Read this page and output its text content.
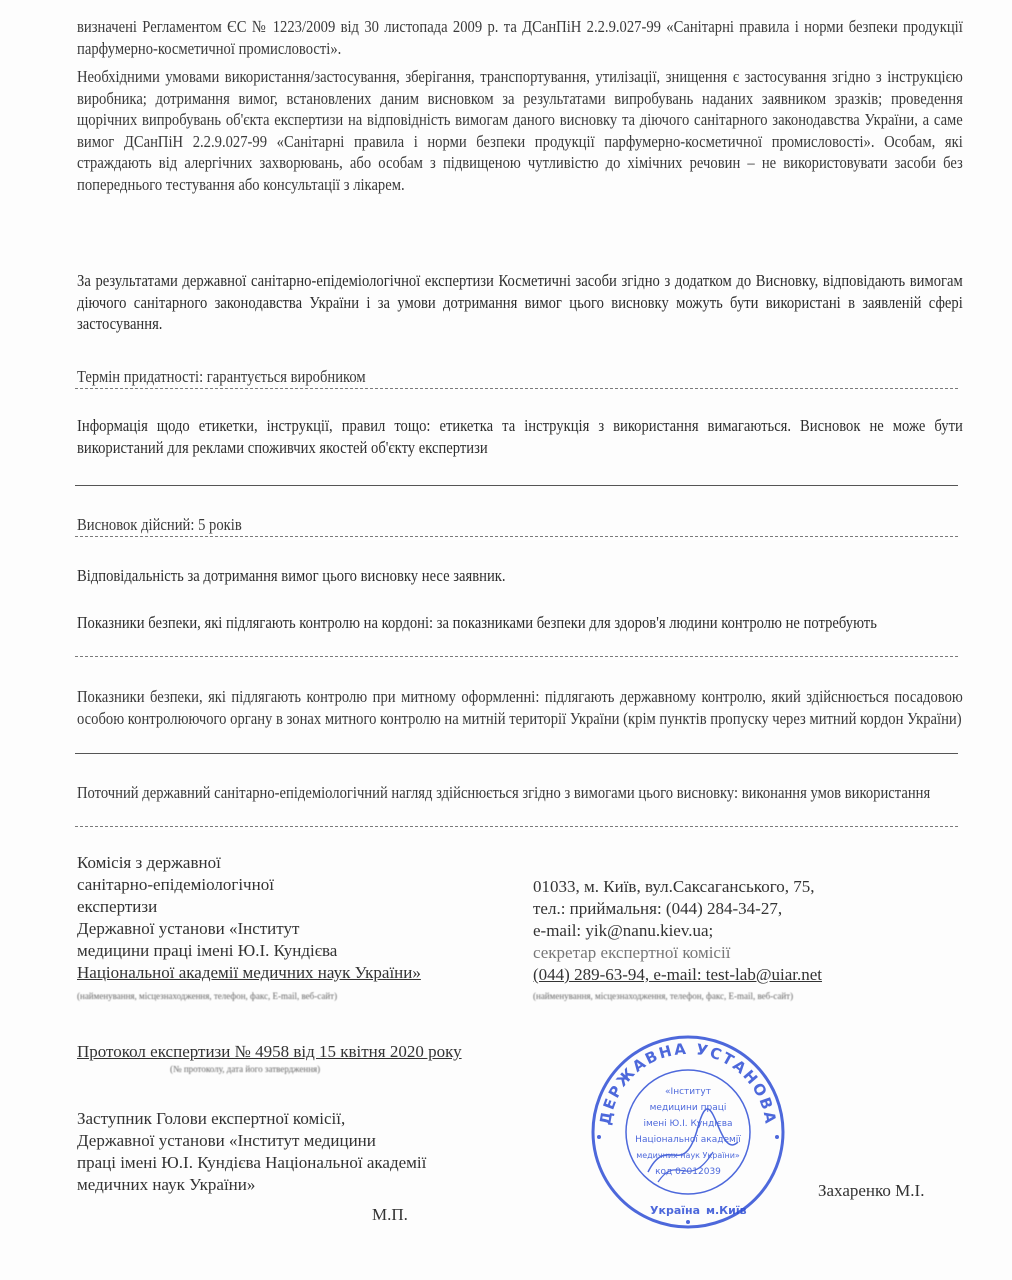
визначені Регламентом ЄС № 1223/2009 від 30 листопада 2009 р. та ДСанПіН 2.2.9.027-99 «Санітарні правила і норми безпеки продукції парфумерно-косметичної промисловості».
Необхідними умовами використання/застосування, зберігання, транспортування, утилізації, знищення є застосування згідно з інструкцією виробника; дотримання вимог, встановлених даним висновком за результатами випробувань наданих заявником зразків; проведення щорічних випробувань об'єкта експертизи на відповідність вимогам даного висновку та діючого санітарного законодавства України, а саме вимог ДСанПіН 2.2.9.027-99 «Санітарні правила і норми безпеки продукції парфумерно-косметичної промисловості». Особам, які страждають від алергічних захворювань, або особам з підвищеною чутливістю до хімічних речовин – не використовувати засоби без попереднього тестування або консультації з лікарем.
За результатами державної санітарно-епідеміологічної експертизи Косметичні засоби згідно з додатком до Висновку, відповідають вимогам діючого санітарного законодавства України і за умови дотримання вимог цього висновку можуть бути використані в заявленій сфері застосування.
Термін придатності: гарантується виробником
Інформація щодо етикетки, інструкції, правил тощо: етикетка та інструкція з використання вимагаються. Висновок не може бути використаний для реклами споживчих якостей об'єкту експертизи
Висновок дійсний: 5 років
Відповідальність за дотримання вимог цього висновку несе заявник.
Показники безпеки, які підлягають контролю на кордоні: за показниками безпеки для здоров'я людини контролю не потребують
Показники безпеки, які підлягають контролю при митному оформленні: підлягають державному контролю, який здійснюється посадовою особою контролюючого органу в зонах митного контролю на митній території України (крім пунктів пропуску через митний кордон України)
Поточний державний санітарно-епідеміологічний нагляд здійснюється згідно з вимогами цього висновку: виконання умов використання
Комісія з державної
санітарно-епідеміологічної
експертизи
Державної установи «Інститут
медицини праці імені Ю.І. Кундієва
Національної академії медичних наук України»
(найменування, місцезнаходження, телефон, факс, E-mail, веб-сайт)
01033, м. Київ, вул.Саксаганського, 75,
тел.: приймальня: (044) 284-34-27,
e-mail: yik@nanu.kiev.ua;
секретар експертної комісії
(044) 289-63-94, e-mail: test-lab@uiar.net
(найменування, місцезнаходження, телефон, факс, E-mail, веб-сайт)
Протокол експертизи № 4958 від 15 квітня 2020 року
(№ протоколу, дата його затвердження)
Заступник Голови експертної комісії,
Державної установи «Інститут медицини
праці імені Ю.І. Кундієва Національної академії
медичних наук України»
М.П.
Захаренко М.І.
ДЕРЖАВНА УСТАНОВА
Україна м.Київ
«Інститут
медицини праці
імені Ю.І. Кундієва
Національної академії
медичних наук України»
код 02012039
